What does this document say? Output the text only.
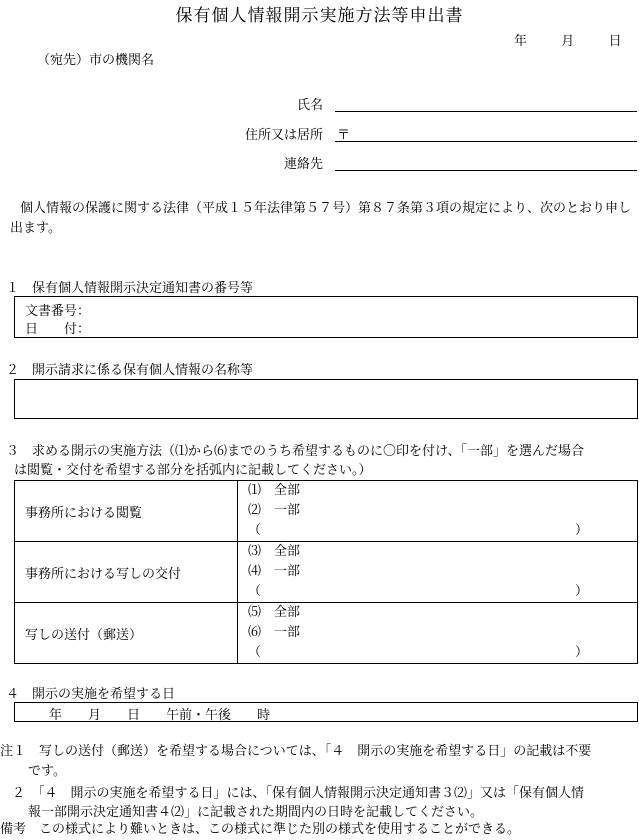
保有個人情報開示実施方法等申出書
年	月	日
（宛先）市の機関名
氏名
住所又は居所 〒
連絡先
個人情報の保護に関する法律（平成１５年法律第５７号）第８７条第３項の規定により、次のとおり申し出ます。
１　保有個人情報開示決定通知書の番号等
文書番号：
日　　付：
２　開示請求に係る保有個人情報の名称等
３　求める開示の実施方法（⑴から⑹までのうち希望するものに〇印を付け、「一部」を選んだ場合
は閲覧・交付を希望する部分を括弧内に記載してください。）
事務所における閲覧	⑴　全部
⑵　一部
（ ）

事務所における写しの交付	⑶　全部
⑷　一部
（ ）

写しの送付（郵送）	⑸　全部
⑹　一部
（ ）
４　開示の実施を希望する日
年　　月　　日　　午前・午後　　時
注１　写しの送付（郵送）を希望する場合については、「４　開示の実施を希望する日」の記載は不要
です。
２　「４　開示の実施を希望する日」には、「保有個人情報開示決定通知書３⑵」又は「保有個人情
報一部開示決定通知書４⑵」に記載された期間内の日時を記載してください。
備考　この様式により難いときは、この様式に準じた別の様式を使用することができる。
